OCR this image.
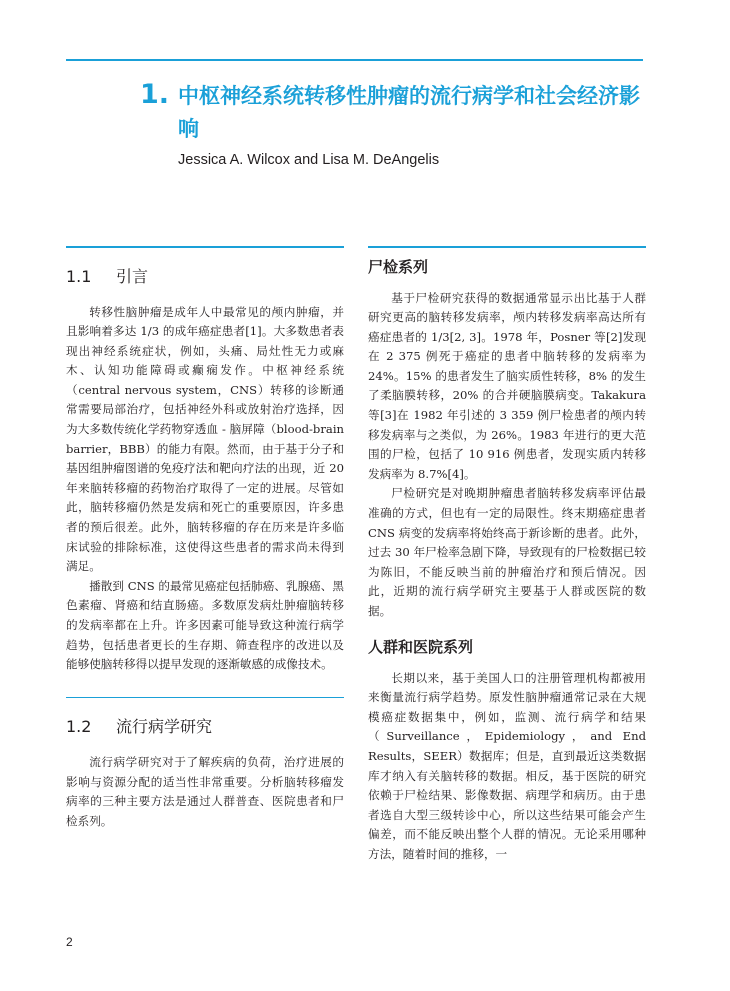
1. 中枢神经系统转移性肿瘤的流行病学和社会经济影响
Jessica A. Wilcox and Lisa M. DeAngelis
1.1	引言

转移性脑肿瘤是成年人中最常见的颅内肿瘤，并且影响着多达 1/3 的成年癌症患者[1]。大多数患者表现出神经系统症状，例如，头痛、局灶性无力或麻木、认知功能障碍或癫痫发作。中枢神经系统（central nervous system，CNS）转移的诊断通常需要局部治疗，包括神经外科或放射治疗选择，因为大多数传统化学药物穿透血 - 脑屏障（blood-brain barrier，BBB）的能力有限。然而，由于基于分子和基因组肿瘤图谱的免疫疗法和靶向疗法的出现，近 20 年来脑转移瘤的药物治疗取得了一定的进展。尽管如此，脑转移瘤仍然是发病和死亡的重要原因，许多患者的预后很差。此外，脑转移瘤的存在历来是许多临床试验的排除标准，这使得这些患者的需求尚未得到满足。

播散到 CNS 的最常见癌症包括肺癌、乳腺癌、黑色素瘤、肾癌和结直肠癌。多数原发病灶肿瘤脑转移的发病率都在上升。许多因素可能导致这种流行病学趋势，包括患者更长的生存期、筛查程序的改进以及能够使脑转移得以提早发现的逐渐敏感的成像技术。

1.2	流行病学研究

流行病学研究对于了解疾病的负荷，治疗进展的影响与资源分配的适当性非常重要。分析脑转移瘤发病率的三种主要方法是通过人群普查、医院患者和尸检系列。

尸检系列

基于尸检研究获得的数据通常显示出比基于人群研究更高的脑转移发病率，颅内转移发病率高达所有癌症患者的 1/3[2, 3]。1978 年，Posner 等[2]发现在 2 375 例死于癌症的患者中脑转移的发病率为 24%。15% 的患者发生了脑实质性转移，8% 的发生了柔脑膜转移，20% 的合并硬脑膜病变。Takakura 等[3]在 1982 年引述的 3 359 例尸检患者的颅内转移发病率与之类似，为 26%。1983 年进行的更大范围的尸检，包括了 10 916 例患者，发现实质内转移发病率为 8.7%[4]。

尸检研究是对晚期肿瘤患者脑转移发病率评估最准确的方式，但也有一定的局限性。终末期癌症患者 CNS 病变的发病率将始终高于新诊断的患者。此外，过去 30 年尸检率急剧下降，导致现有的尸检数据已较为陈旧，不能反映当前的肿瘤治疗和预后情况。因此，近期的流行病学研究主要基于人群或医院的数据。

人群和医院系列

长期以来，基于美国人口的注册管理机构都被用来衡量流行病学趋势。原发性脑肿瘤通常记录在大规模癌症数据集中，例如，监测、流行病学和结果（Surveillance，Epidemiology，and End Results，SEER）数据库；但是，直到最近这类数据库才纳入有关脑转移的数据。相反，基于医院的研究依赖于尸检结果、影像数据、病理学和病历。由于患者选自大型三级转诊中心，所以这些结果可能会产生偏差，而不能反映出整个人群的情况。无论采用哪种方法，随着时间的推移，一

2
